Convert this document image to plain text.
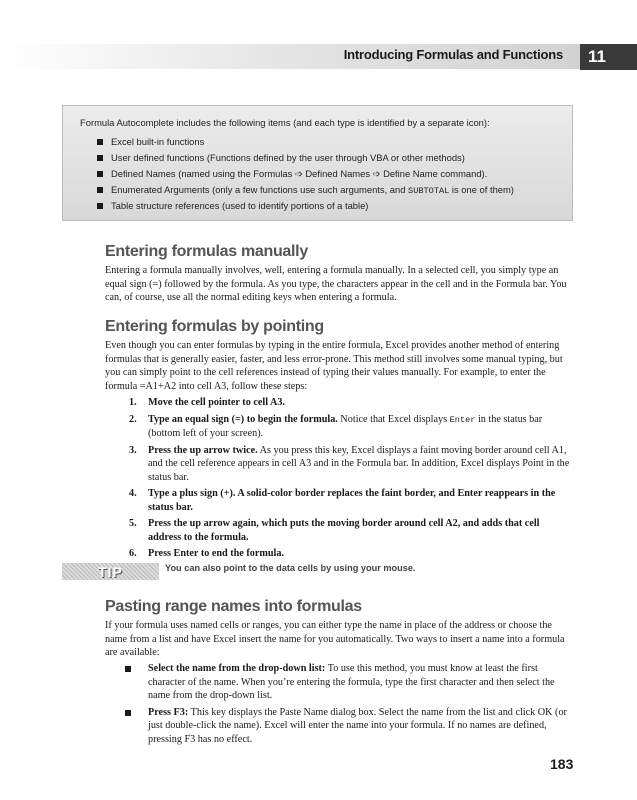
Introducing Formulas and Functions 11
Formula Autocomplete includes the following items (and each type is identified by a separate icon):
Excel built-in functions
User defined functions (Functions defined by the user through VBA or other methods)
Defined Names (named using the Formulas ➩ Defined Names ➩ Define Name command).
Enumerated Arguments (only a few functions use such arguments, and SUBTOTAL is one of them)
Table structure references (used to identify portions of a table)
Entering formulas manually

Entering a formula manually involves, well, entering a formula manually. In a selected cell, you simply type an equal sign (=) followed by the formula. As you type, the characters appear in the cell and in the Formula bar. You can, of course, use all the normal editing keys when entering a formula.

Entering formulas by pointing

Even though you can enter formulas by typing in the entire formula, Excel provides another method of entering formulas that is generally easier, faster, and less error-prone. This method still involves some manual typing, but you can simply point to the cell references instead of typing their values manually. For example, to enter the formula =A1+A2 into cell A3, follow these steps:

1. Move the cell pointer to cell A3.
2. Type an equal sign (=) to begin the formula. Notice that Excel displays Enter in the status bar (bottom left of your screen).
3. Press the up arrow twice. As you press this key, Excel displays a faint moving border around cell A1, and the cell reference appears in cell A3 and in the Formula bar. In addition, Excel displays Point in the status bar.
4. Type a plus sign (+). A solid-color border replaces the faint border, and Enter reappears in the status bar.
5. Press the up arrow again, which puts the moving border around cell A2, and adds that cell address to the formula.
6. Press Enter to end the formula.
TIP	You can also point to the data cells by using your mouse.
Pasting range names into formulas

If your formula uses named cells or ranges, you can either type the name in place of the address or choose the name from a list and have Excel insert the name for you automatically. Two ways to insert a name into a formula are available:

Select the name from the drop-down list: To use this method, you must know at least the first character of the name. When you’re entering the formula, type the first character and then select the name from the drop-down list.
Press F3: This key displays the Paste Name dialog box. Select the name from the list and click OK (or just double-click the name). Excel will enter the name into your formula. If no names are defined, pressing F3 has no effect.
183
